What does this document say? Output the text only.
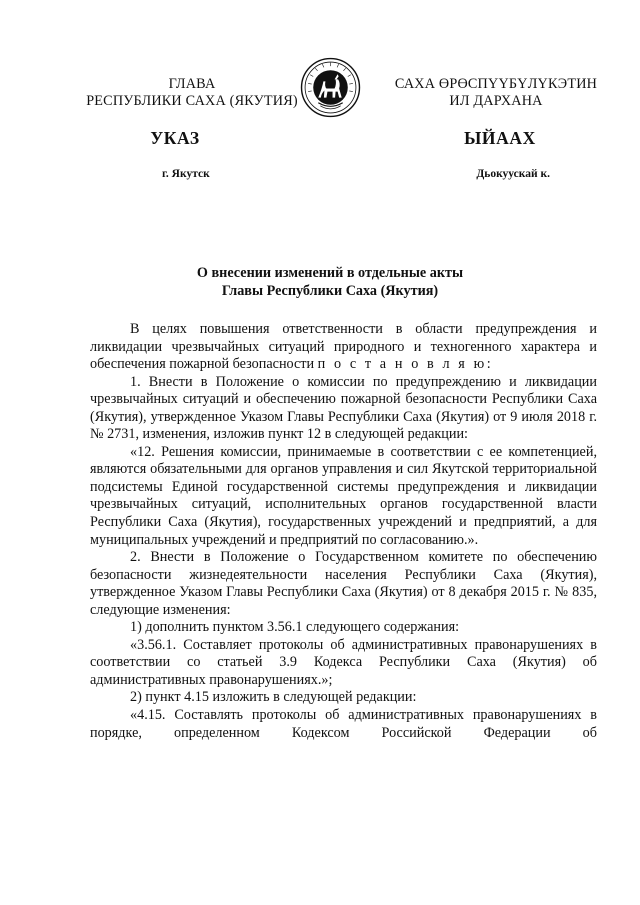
ГЛАВА
РЕСПУБЛИКИ САХА (ЯКУТИЯ)
САХА ӨРӨСПҮҮБҮЛҮКЭТИН
ИЛ ДАРХАНА
УКАЗ	ЫЙААХ
г. Якутск	Дьокуускай к.
О внесении изменений в отдельные акты
Главы Республики Саха (Якутия)

В целях повышения ответственности в области предупреждения и ликвидации чрезвычайных ситуаций природного и техногенного характера и обеспечения пожарной безопасности п о с т а н о в л я ю:

1. Внести в Положение о комиссии по предупреждению и ликвидации чрезвычайных ситуаций и обеспечению пожарной безопасности Республики Саха (Якутия), утвержденное Указом Главы Республики Саха (Якутия) от 9 июля 2018 г. № 2731, изменения, изложив пункт 12 в следующей редакции:

«12. Решения комиссии, принимаемые в соответствии с ее компетенцией, являются обязательными для органов управления и сил Якутской территориальной подсистемы Единой государственной системы предупреждения и ликвидации чрезвычайных ситуаций, исполнительных органов государственной власти Республики Саха (Якутия), государственных учреждений и предприятий, а для муниципальных учреждений и предприятий по согласованию.».

2. Внести в Положение о Государственном комитете по обеспечению безопасности жизнедеятельности населения Республики Саха (Якутия), утвержденное Указом Главы Республики Саха (Якутия) от 8 декабря 2015 г. № 835, следующие изменения:

1) дополнить пунктом 3.56.1 следующего содержания:

«3.56.1. Составляет протоколы об административных правонарушениях в соответствии со статьей 3.9 Кодекса Республики Саха (Якутия) об административных правонарушениях.»;

2) пункт 4.15 изложить в следующей редакции:

«4.15. Составлять протоколы об административных правонарушениях в порядке, определенном Кодексом Российской Федерации об
